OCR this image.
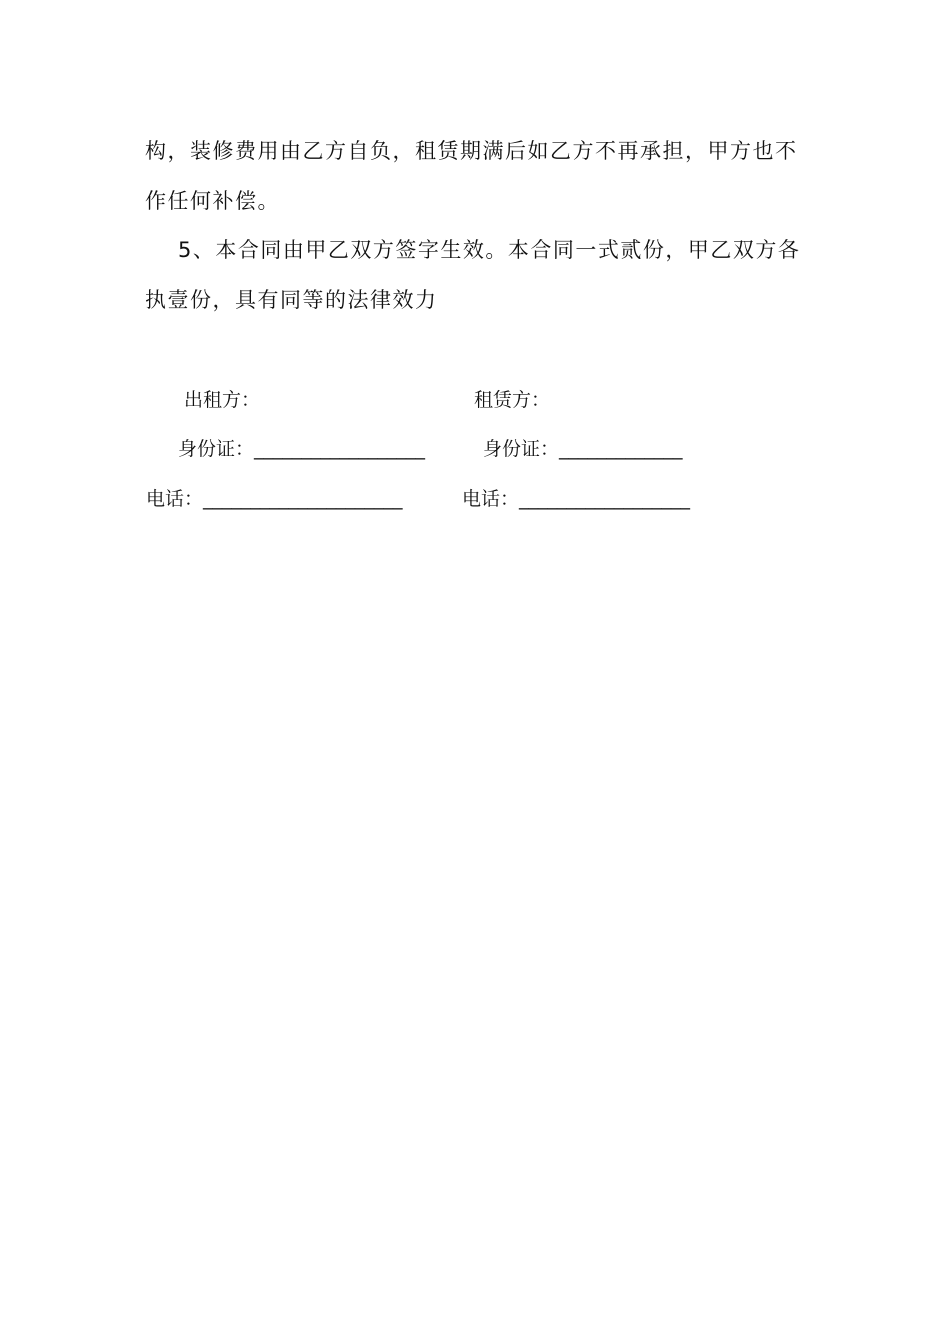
构，装修费用由乙方自负，租赁期满后如乙方不再承担，甲方也不
作任何补偿。
5、本合同由甲乙双方签字生效。本合同一式贰份，甲乙双方各
执壹份，具有同等的法律效力
出租方：	租赁方：
身份证：__________________	身份证：_____________
电话：_____________________	电话：__________________
